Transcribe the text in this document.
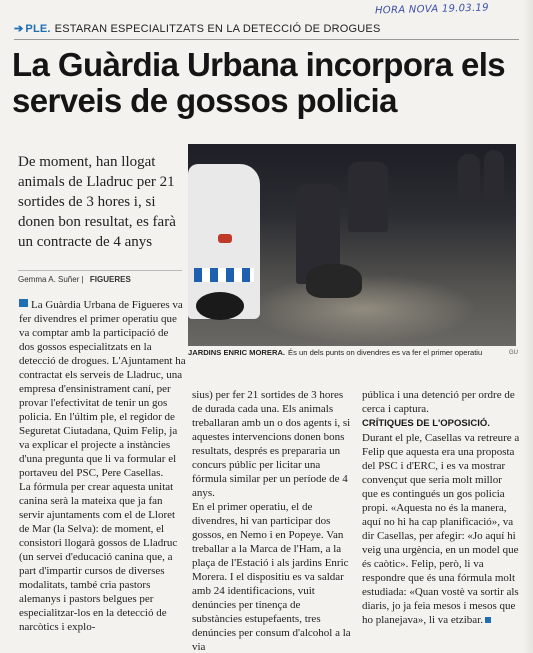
HORA NOVA 19.03.19
➔ PLE. ESTARAN ESPECIALITZATS EN LA DETECCIÓ DE DROGUES
La Guàrdia Urbana incorpora els serveis de gossos policia

De moment, han llogat animals de Lladruc per 21 sortides de 3 hores i, si donen bon resultat, es farà un contracte de 4 anys

Gemma A. Suñer | FIGUERES
JARDINS ENRIC MORERA. És un dels punts on divendres es va fer el primer operatiu	GU
La Guàrdia Urbana de Figueres va fer divendres el primer operatiu que va comptar amb la participació de dos gossos especialitzats en la detecció de drogues. L'Ajuntament ha contractat els serveis de Lladruc, una empresa d'ensinistrament caní, per provar l'efectivitat de tenir un gos policia. En l'últim ple, el regidor de Seguretat Ciutadana, Quim Felip, ja va explicar el projecte a instàncies d'una pregunta que li va formular el portaveu del PSC, Pere Casellas.
La fórmula per crear aquesta unitat canina serà la mateixa que ja fan servir ajuntaments com el de Lloret de Mar (la Selva): de moment, el consistori llogarà gossos de Lladruc (un servei d'educació canina que, a part d'impartir cursos de diverses modalitats, també cria pastors alemanys i pastors belgues per especialitzar-los en la detecció de narcòtics i explo-
sius) per fer 21 sortides de 3 hores de durada cada una. Els animals treballaran amb un o dos agents i, si aquestes intervencions donen bons resultats, després es prepararia un concurs públic per licitar una fórmula similar per un període de 4 anys.
En el primer operatiu, el de divendres, hi van participar dos gossos, en Nemo i en Popeye. Van treballar a la Marca de l'Ham, a la plaça de l'Estació i als jardins Enric Morera. I el dispositiu es va saldar amb 24 identificacions, vuit denúncies per tinença de substàncies estupefaents, tres denúncies per consum d'alcohol a la via
pública i una detenció per ordre de cerca i captura.
CRÍTIQUES DE L'OPOSICIÓ. Durant el ple, Casellas va retreure a Felip que aquesta era una proposta del PSC i d'ERC, i es va mostrar convençut que seria molt millor que es contingués un gos policia propi. «Aquesta no és la manera, aquí no hi ha cap planificació», va dir Casellas, per afegir: «Jo aquí hi veig una urgència, en un model que és caòtic». Felip, però, li va respondre que és una fórmula molt estudiada: «Quan vostè va sortir als diaris, jo ja feia mesos i mesos que ho planejava», li va etzibar.
